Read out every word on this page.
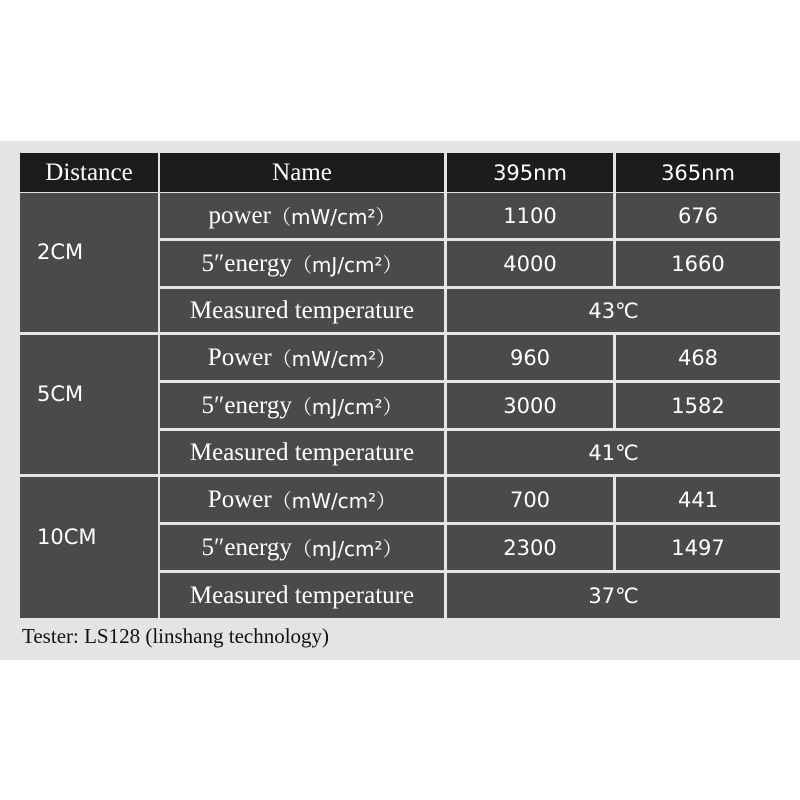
Distance	Name	395nm	365nm
2CM
power （mW/cm²）	1100	676
5″ energy （mJ/cm²）	4000	1660
Measured temperature	43℃
5CM
Power （mW/cm²）	960	468
5″ energy （mJ/cm²）	3000	1582
Measured temperature	41℃
10CM
Power （mW/cm²）	700	441
5″ energy （mJ/cm²）	2300	1497
Measured temperature	37℃
Tester: LS128 (linshang technology)
